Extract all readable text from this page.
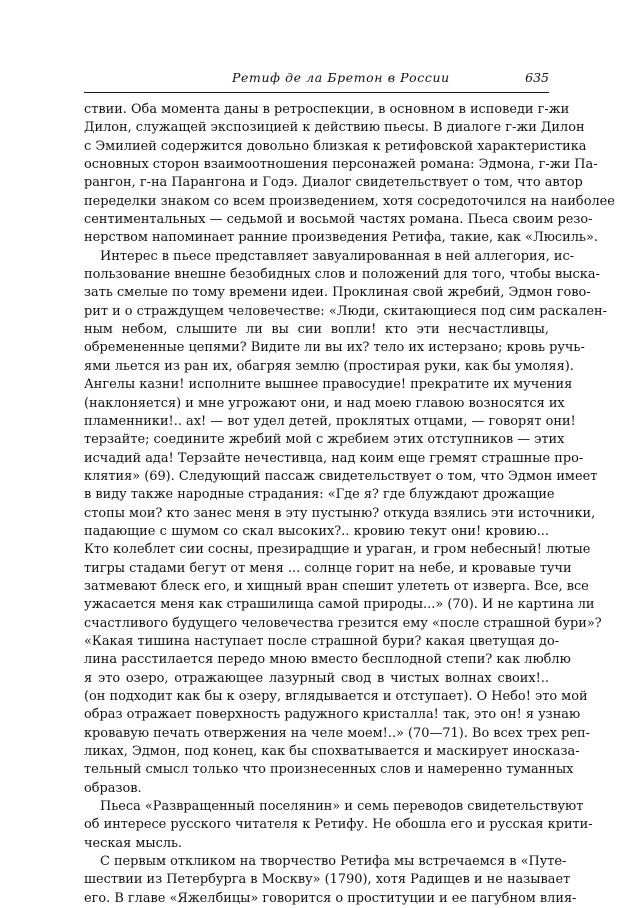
Ретиф де ла Бретон в России	635
ствии. Оба момента даны в ретроспекции, в основном в исповеди г-жи
Дилон, служащей экспозицией к действию пьесы. В диалоге г-жи Дилон
с Эмилией содержится довольно близкая к ретифовской характеристика
основных сторон взаимоотношения персонажей романа: Эдмона, г-жи Па-
рангон, г-на Парангона и Годэ. Диалог свидетельствует о том, что автор
переделки знаком со всем произведением, хотя сосредоточился на наиболее
сентиментальных — седьмой и восьмой частях романа. Пьеса своим резо-
нерством напоминает ранние произведения Ретифа, такие, как «Люсиль».
Интерес в пьесе представляет завуалированная в ней аллегория, ис-
пользование внешне безобидных слов и положений для того, чтобы выска-
зать смелые по тому времени идеи. Проклиная свой жребий, Эдмон гово-
рит и о страждущем человечестве: «Люди, скитающиеся под сим раскален-
ным небом, слышите ли вы сии вопли! кто эти несчастливцы,
обремененные цепями? Видите ли вы их? тело их истерзано; кровь ручь-
ями льется из ран их, обагряя землю (простирая руки, как бы умоляя).
Ангелы казни! исполните вышнее правосудие! прекратите их мучения
(наклоняется) и мне угрожают они, и над моею главою возносятся их
пламенники!.. ах! — вот удел детей, проклятых отцами, — говорят они!
терзайте; соедините жребий мой с жребием этих отступников — этих
исчадий ада! Терзайте нечестивца, над коим еще гремят страшные про-
клятия» (69). Следующий пассаж свидетельствует о том, что Эдмон имеет
в виду также народные страдания: «Где я? где блуждают дрожащие
стопы мои? кто занес меня в эту пустыню? откуда взялись эти источники,
падающие с шумом со скал высоких?.. кровию текут они! кровию...
Кто колеблет сии сосны, презирадщие и ураган, и гром небесный! лютые
тигры стадами бегут от меня ... солнце горит на небе, и кровавые тучи
затмевают блеск его, и хищный вран спешит улететь от изверга. Все, все
ужасается меня как страшилища самой природы...» (70). И не картина ли
счастливого будущего человечества грезится ему «после страшной бури»?
«Какая тишина наступает после страшной бури? какая цветущая до-
лина расстилается передо мною вместо бесплодной степи? как люблю
я это озеро, отражающее лазурный свод в чистых волнах своих!..
(он подходит как бы к озеру, вглядывается и отступает). О Небо! это мой
образ отражает поверхность радужного кристалла! так, это он! я узнаю
кровавую печать отвержения на челе моем!..» (70—71). Во всех трех реп-
ликах, Эдмон, под конец, как бы спохватывается и маскирует иносказа-
тельный смысл только что произнесенных слов и намеренно туманных
образов.
Пьеса «Развращенный поселянин» и семь переводов свидетельствуют
об интересе русского читателя к Ретифу. Не обошла его и русская крити-
ческая мысль.
С первым откликом на творчество Ретифа мы встречаемся в «Путе-
шествии из Петербурга в Москву» (1790), хотя Радищев и не называет
его. В главе «Яжелбицы» говорится о проституции и ее пагубном влия-
